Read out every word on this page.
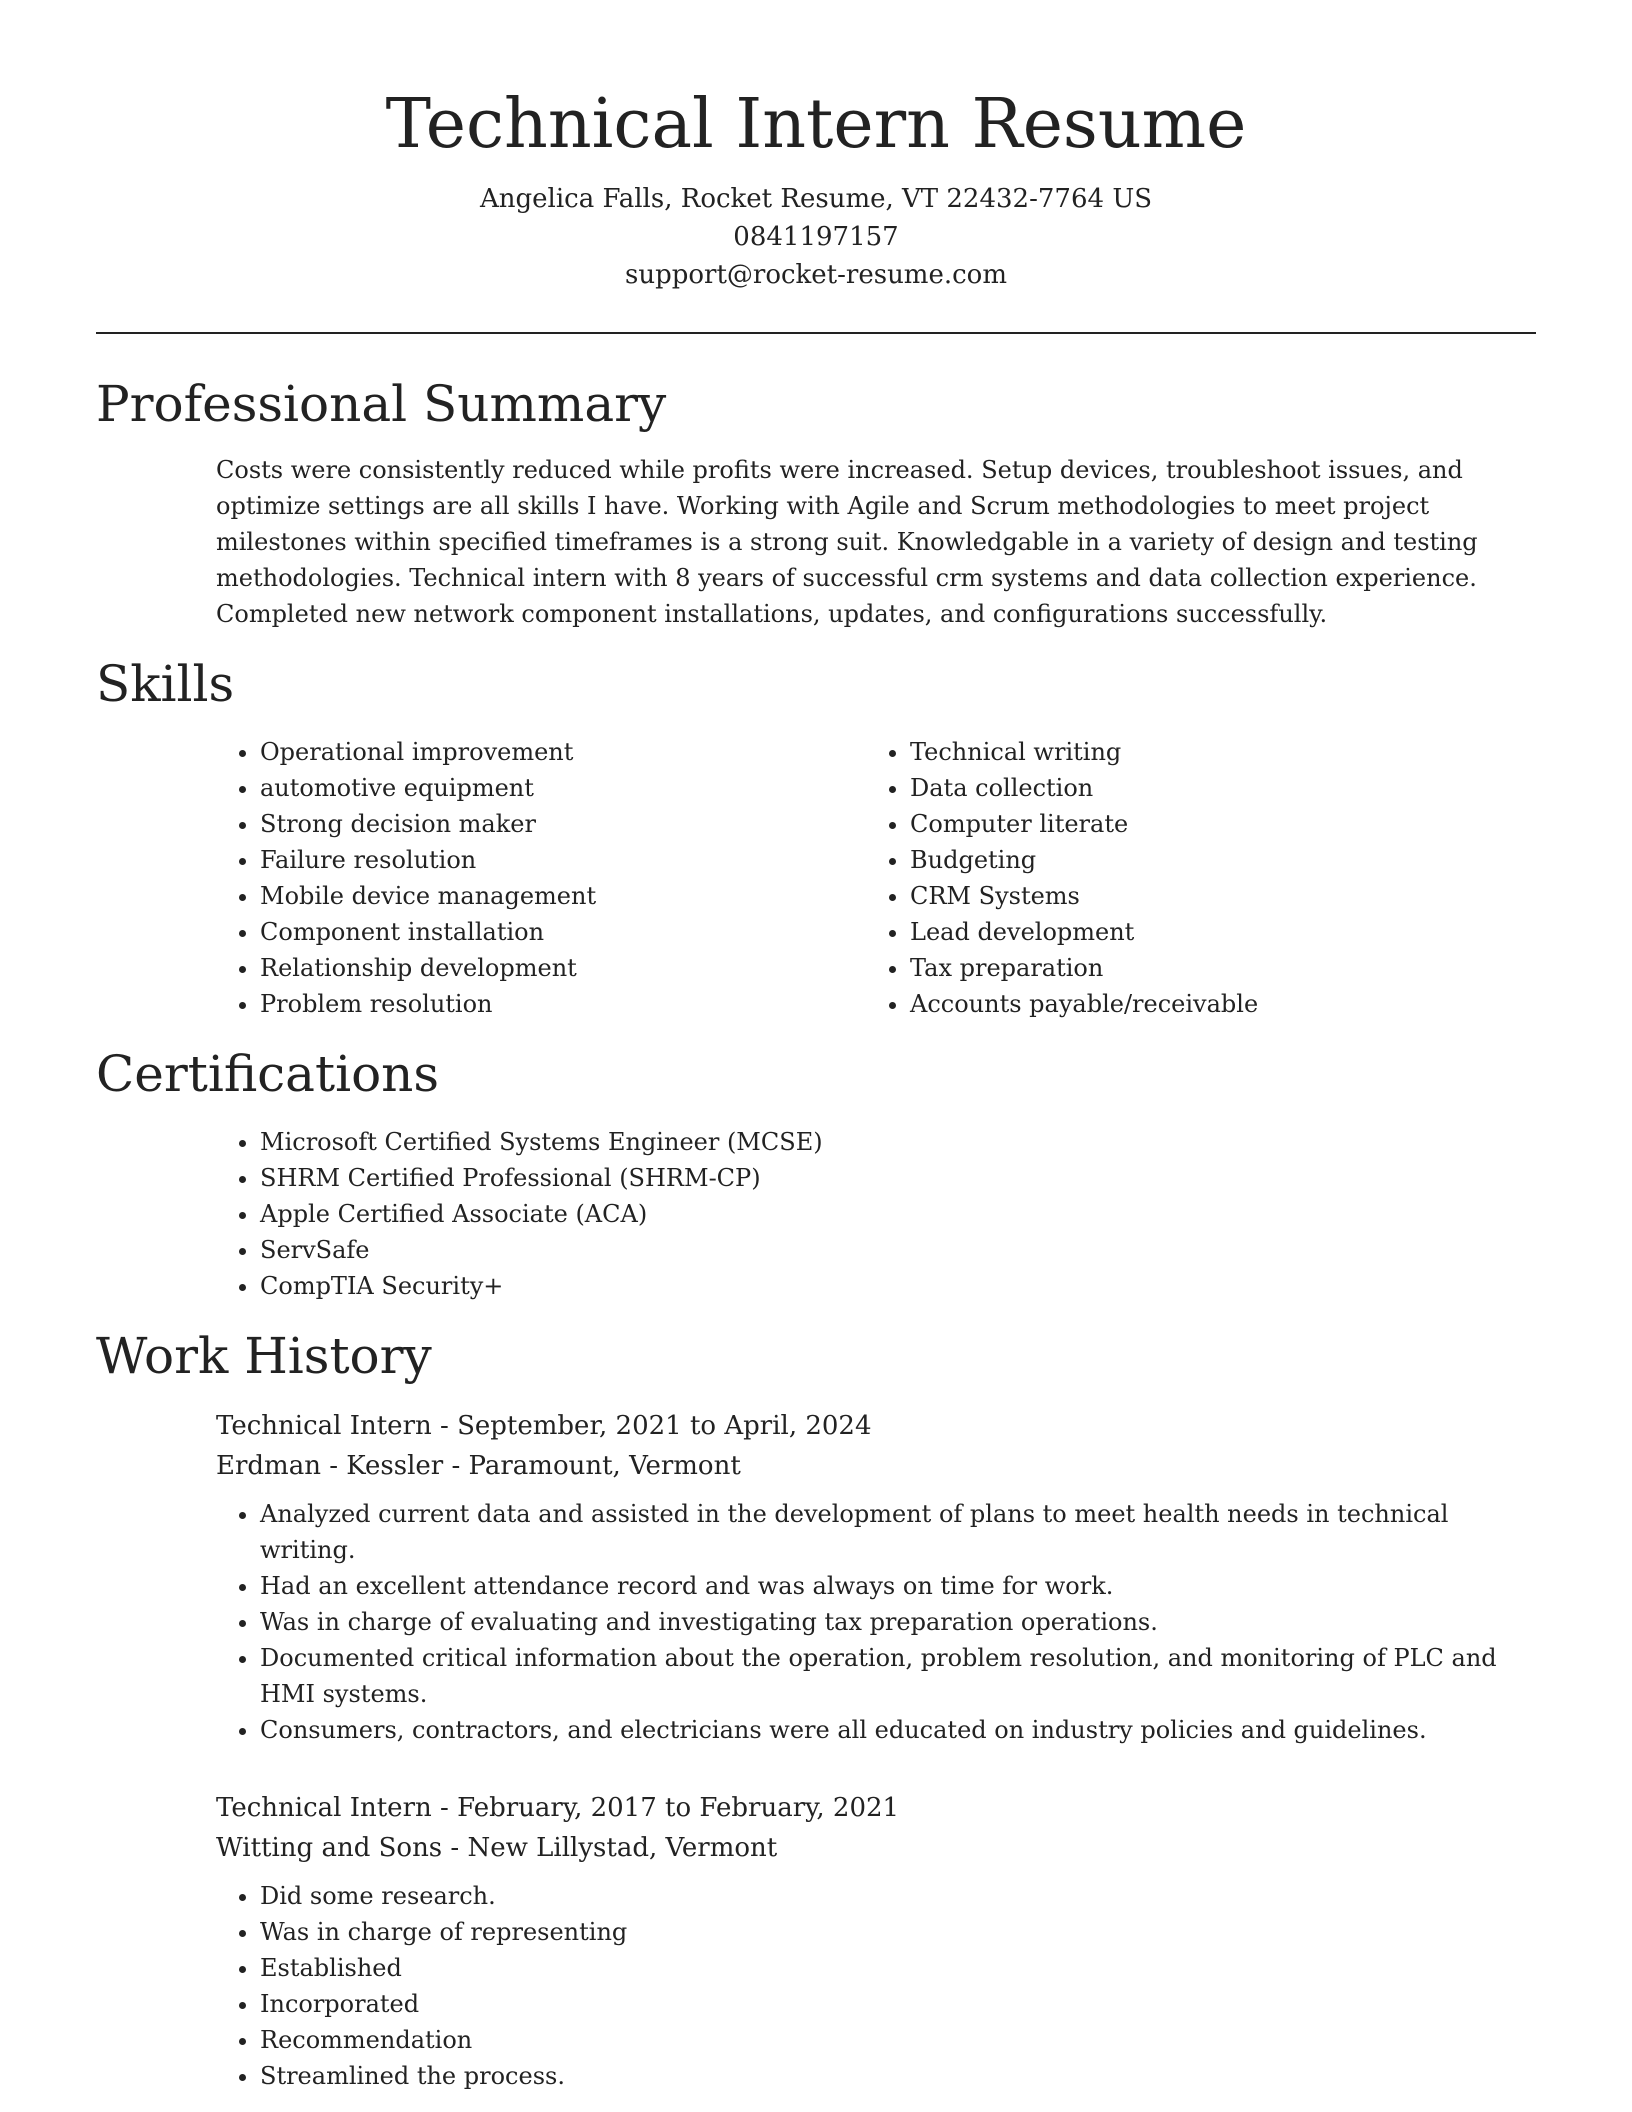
Technical Intern Resume
Angelica Falls, Rocket Resume, VT 22432-7764 US
0841197157
support@rocket-resume.com
Professional Summary

Costs were consistently reduced while profits were increased. Setup devices, troubleshoot issues, and optimize settings are all skills I have. Working with Agile and Scrum methodologies to meet project milestones within specified timeframes is a strong suit. Knowledgable in a variety of design and testing methodologies. Technical intern with 8 years of successful crm systems and data collection experience. Completed new network component installations, updates, and configurations successfully.

Skills
• Operational improvement
• automotive equipment
• Strong decision maker
• Failure resolution
• Mobile device management
• Component installation
• Relationship development
• Problem resolution
• Technical writing
• Data collection
• Computer literate
• Budgeting
• CRM Systems
• Lead development
• Tax preparation
• Accounts payable/receivable
Certifications
• Microsoft Certified Systems Engineer (MCSE)
• SHRM Certified Professional (SHRM-CP)
• Apple Certified Associate (ACA)
• ServSafe
• CompTIA Security+
Work History
Technical Intern - September, 2021 to April, 2024
Erdman - Kessler - Paramount, Vermont
• Analyzed current data and assisted in the development of plans to meet health needs in technical writing.
• Had an excellent attendance record and was always on time for work.
• Was in charge of evaluating and investigating tax preparation operations.
• Documented critical information about the operation, problem resolution, and monitoring of PLC and HMI systems.
• Consumers, contractors, and electricians were all educated on industry policies and guidelines.
Technical Intern - February, 2017 to February, 2021
Witting and Sons - New Lillystad, Vermont
• Did some research.
• Was in charge of representing
• Established
• Incorporated
• Recommendation
• Streamlined the process.
